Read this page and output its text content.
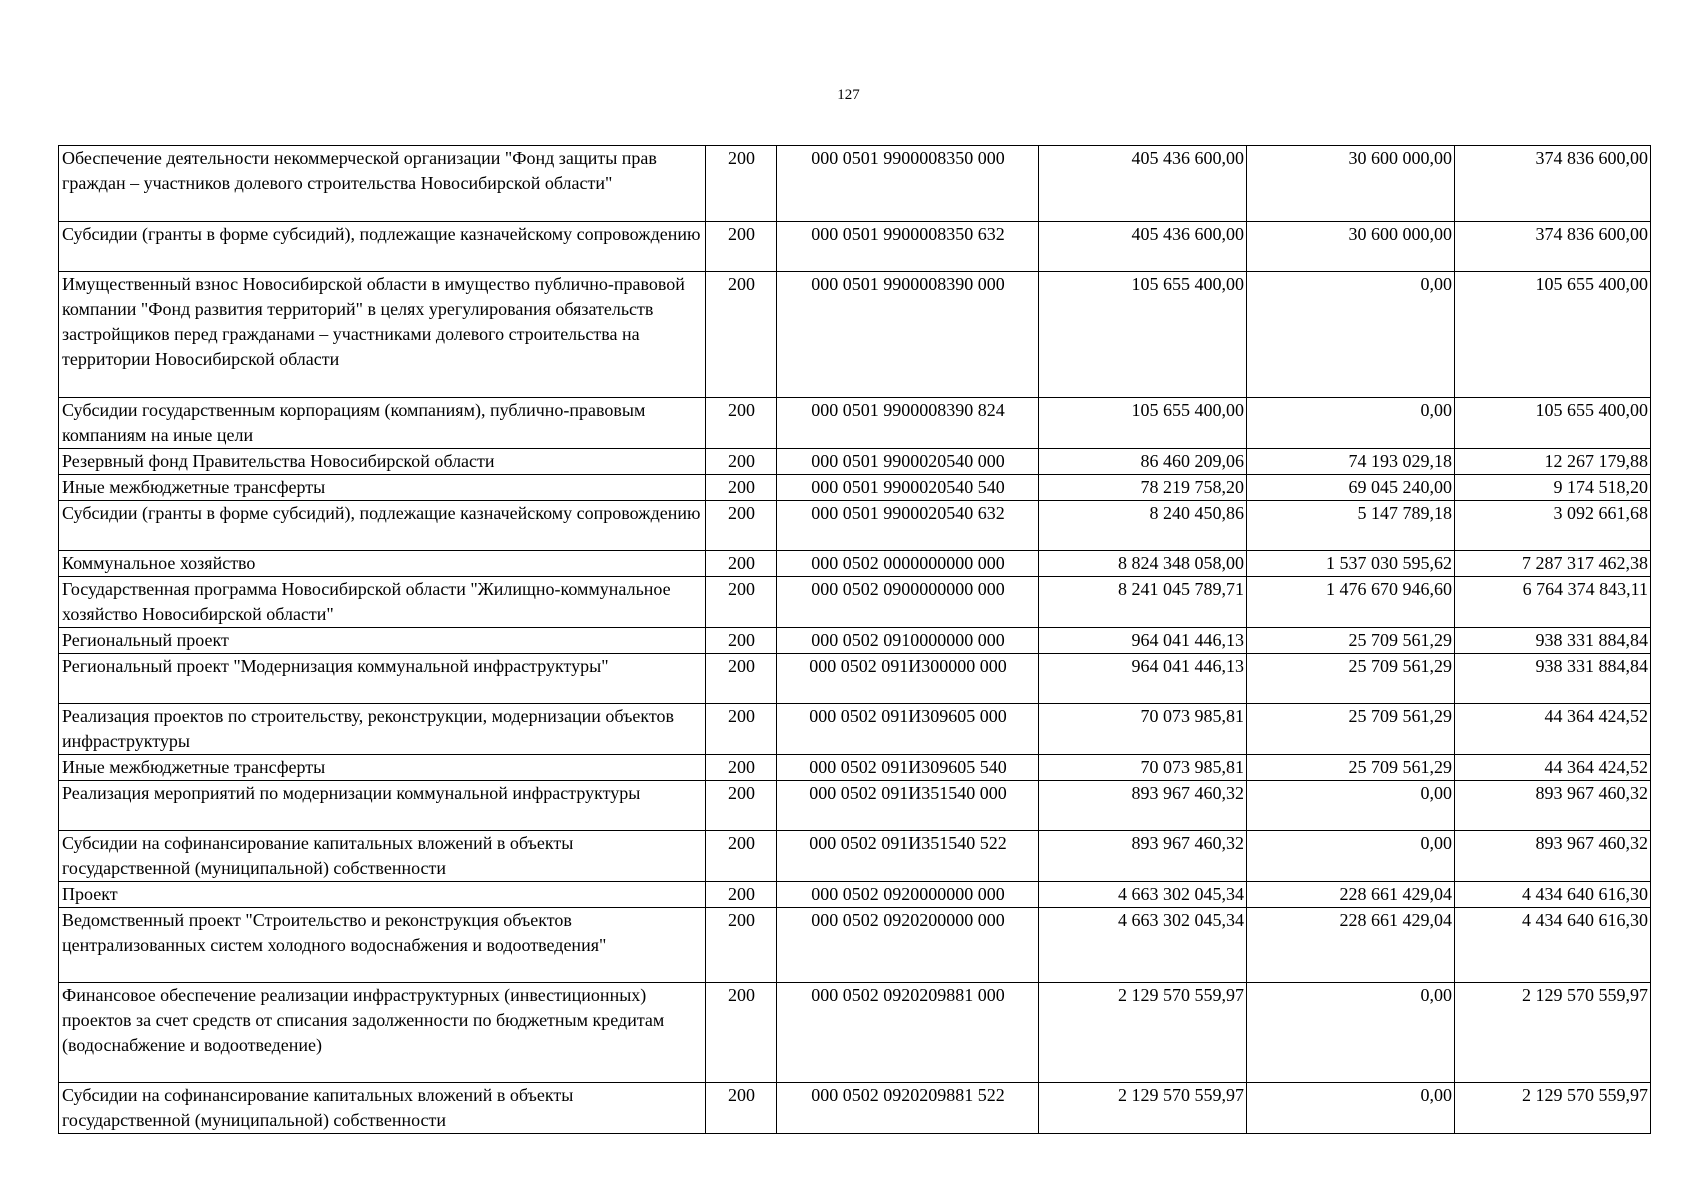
127
Обеспечение деятельности некоммерческой организации "Фонд защиты прав граждан – участников долевого строительства Новосибирской области"	200	000 0501 9900008350 000	405 436 600,00	30 600 000,00	374 836 600,00
Субсидии (гранты в форме субсидий), подлежащие казначейскому сопровождению	200	000 0501 9900008350 632	405 436 600,00	30 600 000,00	374 836 600,00
Имущественный взнос Новосибирской области в имущество публично-правовой компании "Фонд развития территорий" в целях урегулирования обязательств застройщиков перед гражданами – участниками долевого строительства на территории Новосибирской области	200	000 0501 9900008390 000	105 655 400,00	0,00	105 655 400,00
Субсидии государственным корпорациям (компаниям), публично-правовым компаниям на иные цели	200	000 0501 9900008390 824	105 655 400,00	0,00	105 655 400,00
Резервный фонд Правительства Новосибирской области	200	000 0501 9900020540 000	86 460 209,06	74 193 029,18	12 267 179,88
Иные межбюджетные трансферты	200	000 0501 9900020540 540	78 219 758,20	69 045 240,00	9 174 518,20
Субсидии (гранты в форме субсидий), подлежащие казначейскому сопровождению	200	000 0501 9900020540 632	8 240 450,86	5 147 789,18	3 092 661,68
Коммунальное хозяйство	200	000 0502 0000000000 000	8 824 348 058,00	1 537 030 595,62	7 287 317 462,38
Государственная программа Новосибирской области "Жилищно-коммунальное хозяйство Новосибирской области"	200	000 0502 0900000000 000	8 241 045 789,71	1 476 670 946,60	6 764 374 843,11
Региональный проект	200	000 0502 0910000000 000	964 041 446,13	25 709 561,29	938 331 884,84
Региональный проект "Модернизация коммунальной инфраструктуры"	200	000 0502 091И300000 000	964 041 446,13	25 709 561,29	938 331 884,84
Реализация проектов по строительству, реконструкции, модернизации объектов инфраструктуры	200	000 0502 091И309605 000	70 073 985,81	25 709 561,29	44 364 424,52
Иные межбюджетные трансферты	200	000 0502 091И309605 540	70 073 985,81	25 709 561,29	44 364 424,52
Реализация мероприятий по модернизации коммунальной инфраструктуры	200	000 0502 091И351540 000	893 967 460,32	0,00	893 967 460,32
Субсидии на софинансирование капитальных вложений в объекты государственной (муниципальной) собственности	200	000 0502 091И351540 522	893 967 460,32	0,00	893 967 460,32
Проект	200	000 0502 0920000000 000	4 663 302 045,34	228 661 429,04	4 434 640 616,30
Ведомственный проект "Строительство и реконструкция объектов централизованных систем холодного водоснабжения и водоотведения"	200	000 0502 0920200000 000	4 663 302 045,34	228 661 429,04	4 434 640 616,30
Финансовое обеспечение реализации инфраструктурных (инвестиционных) проектов за счет средств от списания задолженности по бюджетным кредитам (водоснабжение и водоотведение)	200	000 0502 0920209881 000	2 129 570 559,97	0,00	2 129 570 559,97
Субсидии на софинансирование капитальных вложений в объекты государственной (муниципальной) собственности	200	000 0502 0920209881 522	2 129 570 559,97	0,00	2 129 570 559,97
